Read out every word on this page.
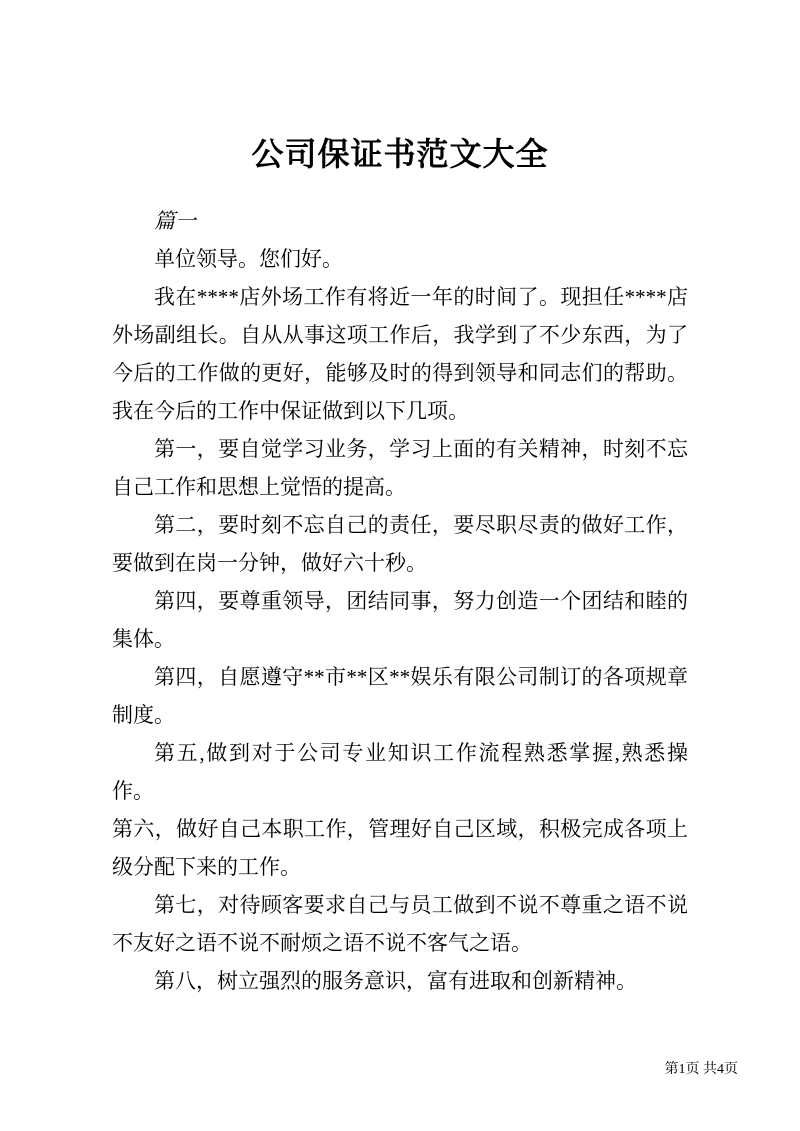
公司保证书范文大全

篇一

单位领导。您们好。

我在****店外场工作有将近一年的时间了。现担任****店外场副组长。自从从事这项工作后，我学到了不少东西，为了今后的工作做的更好，能够及时的得到领导和同志们的帮助。我在今后的工作中保证做到以下几项。

第一，要自觉学习业务，学习上面的有关精神，时刻不忘自己工作和思想上觉悟的提高。

第二，要时刻不忘自己的责任，要尽职尽责的做好工作，要做到在岗一分钟，做好六十秒。

第四，要尊重领导，团结同事，努力创造一个团结和睦的集体。

第四，自愿遵守**市**区**娱乐有限公司制订的各项规章制度。

第五,做到对于公司专业知识工作流程熟悉掌握,熟悉操作。

第六，做好自己本职工作，管理好自己区域，积极完成各项上级分配下来的工作。

第七，对待顾客要求自己与员工做到不说不尊重之语不说不友好之语不说不耐烦之语不说不客气之语。

第八，树立强烈的服务意识，富有进取和创新精神。

第1页 共4页
